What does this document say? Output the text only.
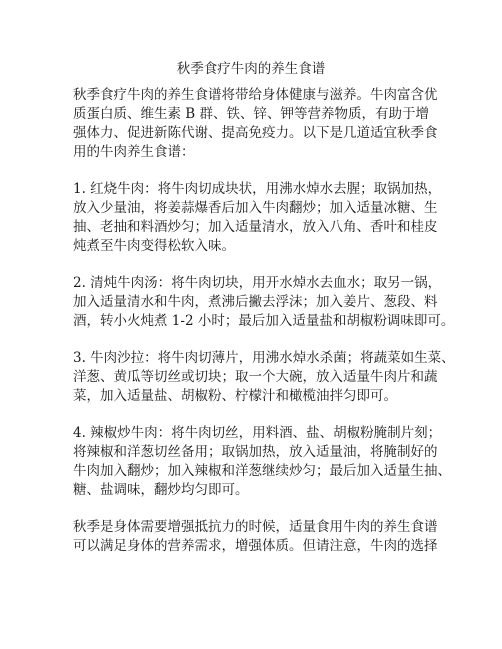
秋季食疗牛肉的养生食谱

秋季食疗牛肉的养生食谱将带给身体健康与滋养。牛肉富含优
质蛋白质、维生素 B 群、铁、锌、钾等营养物质，有助于增
强体力、促进新陈代谢、提高免疫力。以下是几道适宜秋季食
用的牛肉养生食谱：

1. 红烧牛肉：将牛肉切成块状，用沸水焯水去腥；取锅加热，
放入少量油，将姜蒜爆香后加入牛肉翻炒；加入适量冰糖、生
抽、老抽和料酒炒匀；加入适量清水，放入八角、香叶和桂皮
炖煮至牛肉变得松软入味。

2. 清炖牛肉汤：将牛肉切块，用开水焯水去血水；取另一锅，
加入适量清水和牛肉，煮沸后撇去浮沫；加入姜片、葱段、料
酒，转小火炖煮 1-2 小时；最后加入适量盐和胡椒粉调味即可。

3. 牛肉沙拉：将牛肉切薄片，用沸水焯水杀菌；将蔬菜如生菜、
洋葱、黄瓜等切丝或切块；取一个大碗，放入适量牛肉片和蔬
菜，加入适量盐、胡椒粉、柠檬汁和橄榄油拌匀即可。

4. 辣椒炒牛肉：将牛肉切丝，用料酒、盐、胡椒粉腌制片刻；
将辣椒和洋葱切丝备用；取锅加热，放入适量油，将腌制好的
牛肉加入翻炒；加入辣椒和洋葱继续炒匀；最后加入适量生抽、
糖、盐调味，翻炒均匀即可。

秋季是身体需要增强抵抗力的时候，适量食用牛肉的养生食谱
可以满足身体的营养需求，增强体质。但请注意，牛肉的选择
